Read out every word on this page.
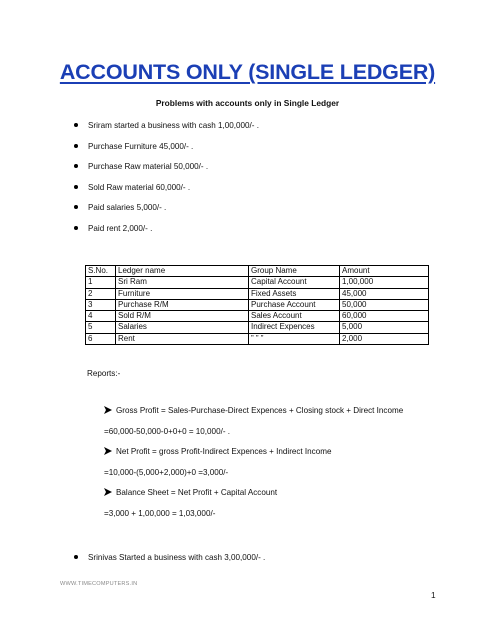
ACCOUNTS ONLY (SINGLE LEDGER)
Problems with accounts only in Single Ledger
Sriram started a business with cash 1,00,000/- .
Purchase Furniture 45,000/- .
Purchase Raw material 50,000/- .
Sold Raw material 60,000/- .
Paid salaries 5,000/- .
Paid rent 2,000/- .
S.No.	Ledger name	Group Name	Amount
1	Sri Ram	Capital Account	1,00,000
2	Furniture	Fixed Assets	45,000
3	Purchase R/M	Purchase Account	50,000
4	Sold R/M	Sales Account	60,000
5	Salaries	Indirect Expences	5,000
6	Rent	” ” ”	2,000
Reports:-
Gross Profit = Sales-Purchase-Direct Expences + Closing stock + Direct Income
=60,000-50,000-0+0+0 = 10,000/- .
Net Profit = gross Profit-Indirect Expences + Indirect Income
=10,000-(5,000+2,000)+0 =3,000/-
Balance Sheet = Net Profit + Capital Account
=3,000 + 1,00,000 = 1,03,000/-
Srinivas Started a business with cash 3,00,000/- .
WWW.TIMECOMPUTERS.IN
1
